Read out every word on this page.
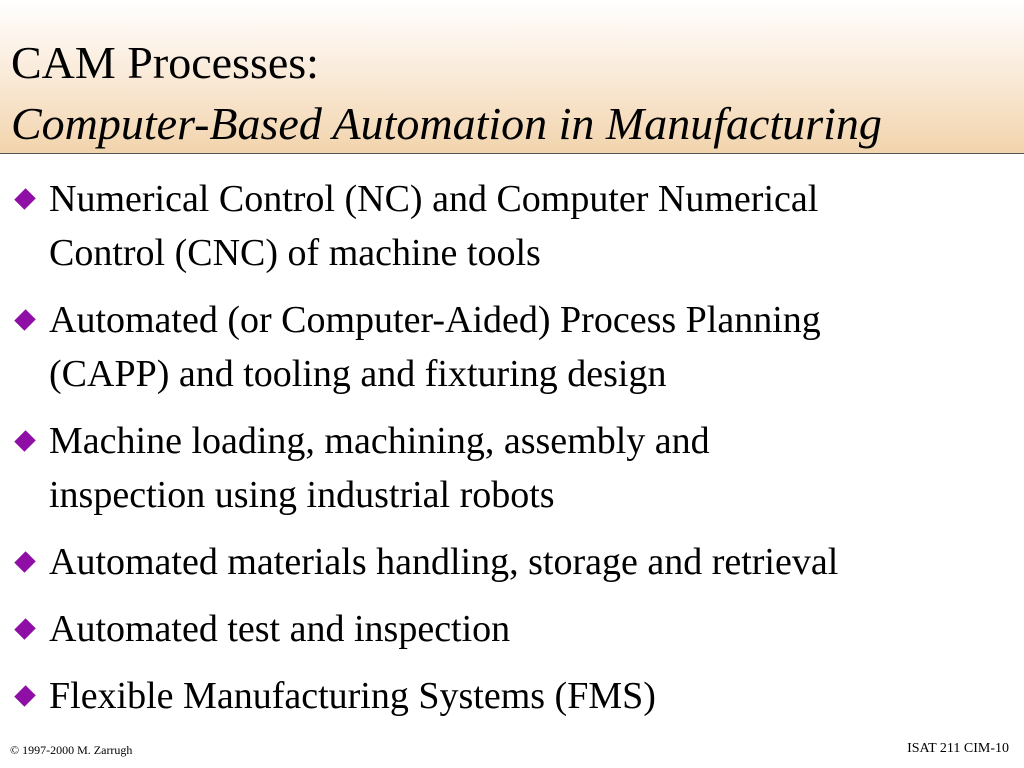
CAM Processes:
Computer-Based Automation in Manufacturing
Numerical Control (NC) and Computer Numerical
Control (CNC) of machine tools
Automated (or Computer-Aided) Process Planning
(CAPP) and tooling and fixturing design
Machine loading, machining, assembly and
inspection using industrial robots
Automated materials handling, storage and retrieval
Automated test and inspection
Flexible Manufacturing Systems (FMS)
© 1997-2000 M. Zarrugh	ISAT 211 CIM-10
